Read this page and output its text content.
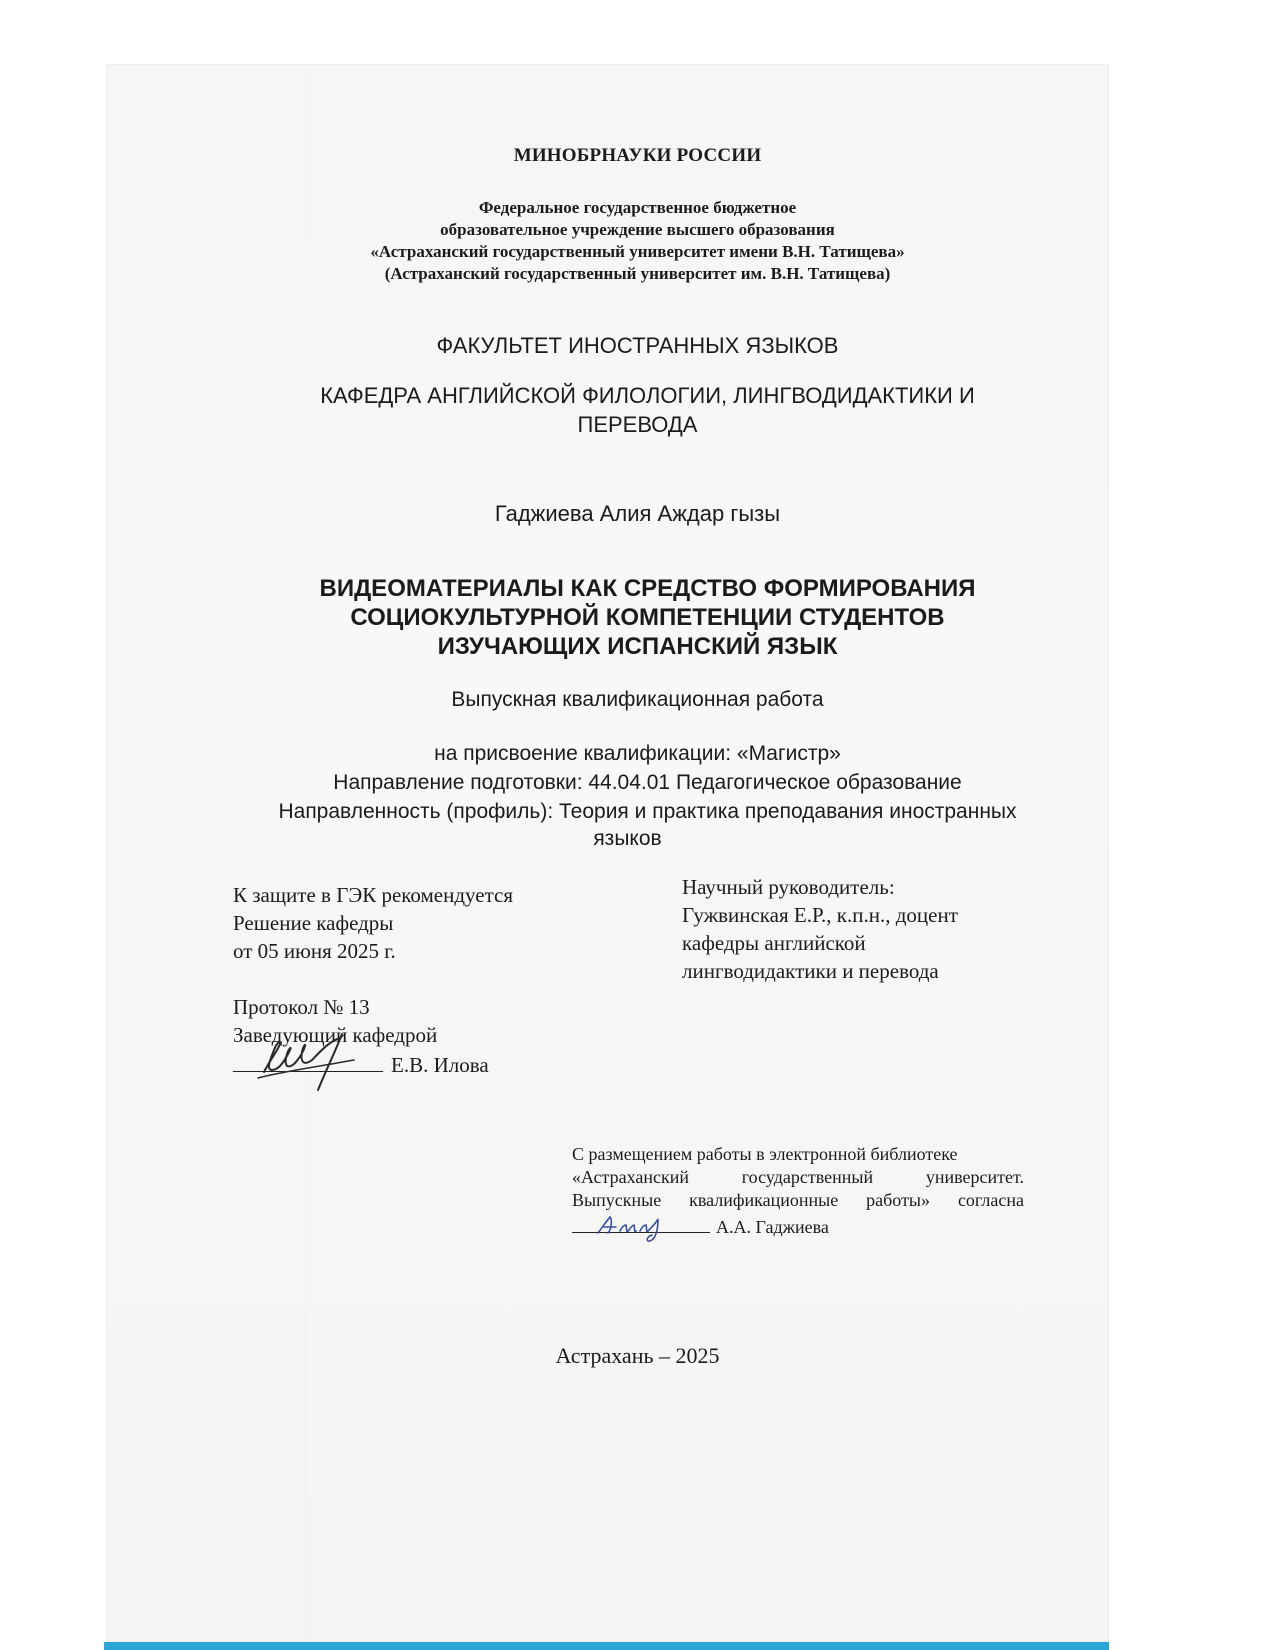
МИНОБРНАУКИ РОССИИ
Федеральное государственное бюджетное
образовательное учреждение высшего образования
«Астраханский государственный университет имени В.Н. Татищева»
(Астраханский государственный университет им. В.Н. Татищева)
ФАКУЛЬТЕТ ИНОСТРАННЫХ ЯЗЫКОВ
КАФЕДРА АНГЛИЙСКОЙ ФИЛОЛОГИИ, ЛИНГВОДИДАКТИКИ И
ПЕРЕВОДА
Гаджиева Алия Аждар гызы
ВИДЕОМАТЕРИАЛЫ КАК СРЕДСТВО ФОРМИРОВАНИЯ
СОЦИОКУЛЬТУРНОЙ КОМПЕТЕНЦИИ СТУДЕНТОВ
ИЗУЧАЮЩИХ ИСПАНСКИЙ ЯЗЫК
Выпускная квалификационная работа
на присвоение квалификации: «Магистр»
Направление подготовки: 44.04.01 Педагогическое образование
Направленность (профиль): Теория и практика преподавания иностранных
языков
К защите в ГЭК рекомендуется
Решение кафедры
от 05 июня 2025 г.
Научный руководитель:
Гужвинская Е.Р., к.п.н., доцент
кафедры английской
лингводидактики и перевода
Протокол № 13
Заведующий кафедрой
Е.В. Илова
С размещением работы в электронной библиотеке
«Астраханский государственный университет.
Выпускные квалификационные работы» согласна
А.А. Гаджиева
Астрахань – 2025
